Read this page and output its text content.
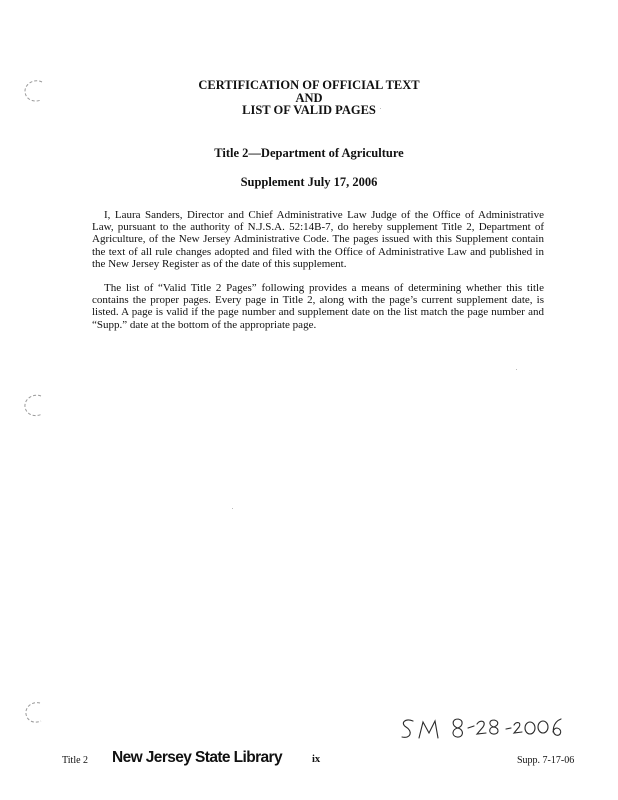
CERTIFICATION OF OFFICIAL TEXT
AND
LIST OF VALID PAGES
Title 2—Department of Agriculture
Supplement July 17, 2006

I, Laura Sanders, Director and Chief Administrative Law Judge of the Office of Administrative Law, pursuant to the authority of N.J.S.A. 52:14B-7, do hereby supplement Title 2, Department of Agriculture, of the New Jersey Administrative Code. The pages issued with this Supplement contain the text of all rule changes adopted and filed with the Office of Administrative Law and published in the New Jersey Register as of the date of this supplement.

The list of “Valid Title 2 Pages” following provides a means of determining whether this title contains the proper pages. Every page in Title 2, along with the page’s current supplement date, is listed. A page is valid if the page number and supplement date on the list match the page number and “Supp.” date at the bottom of the appropriate page.

Title 2 New Jersey State Library	ix	Supp. 7-17-06
